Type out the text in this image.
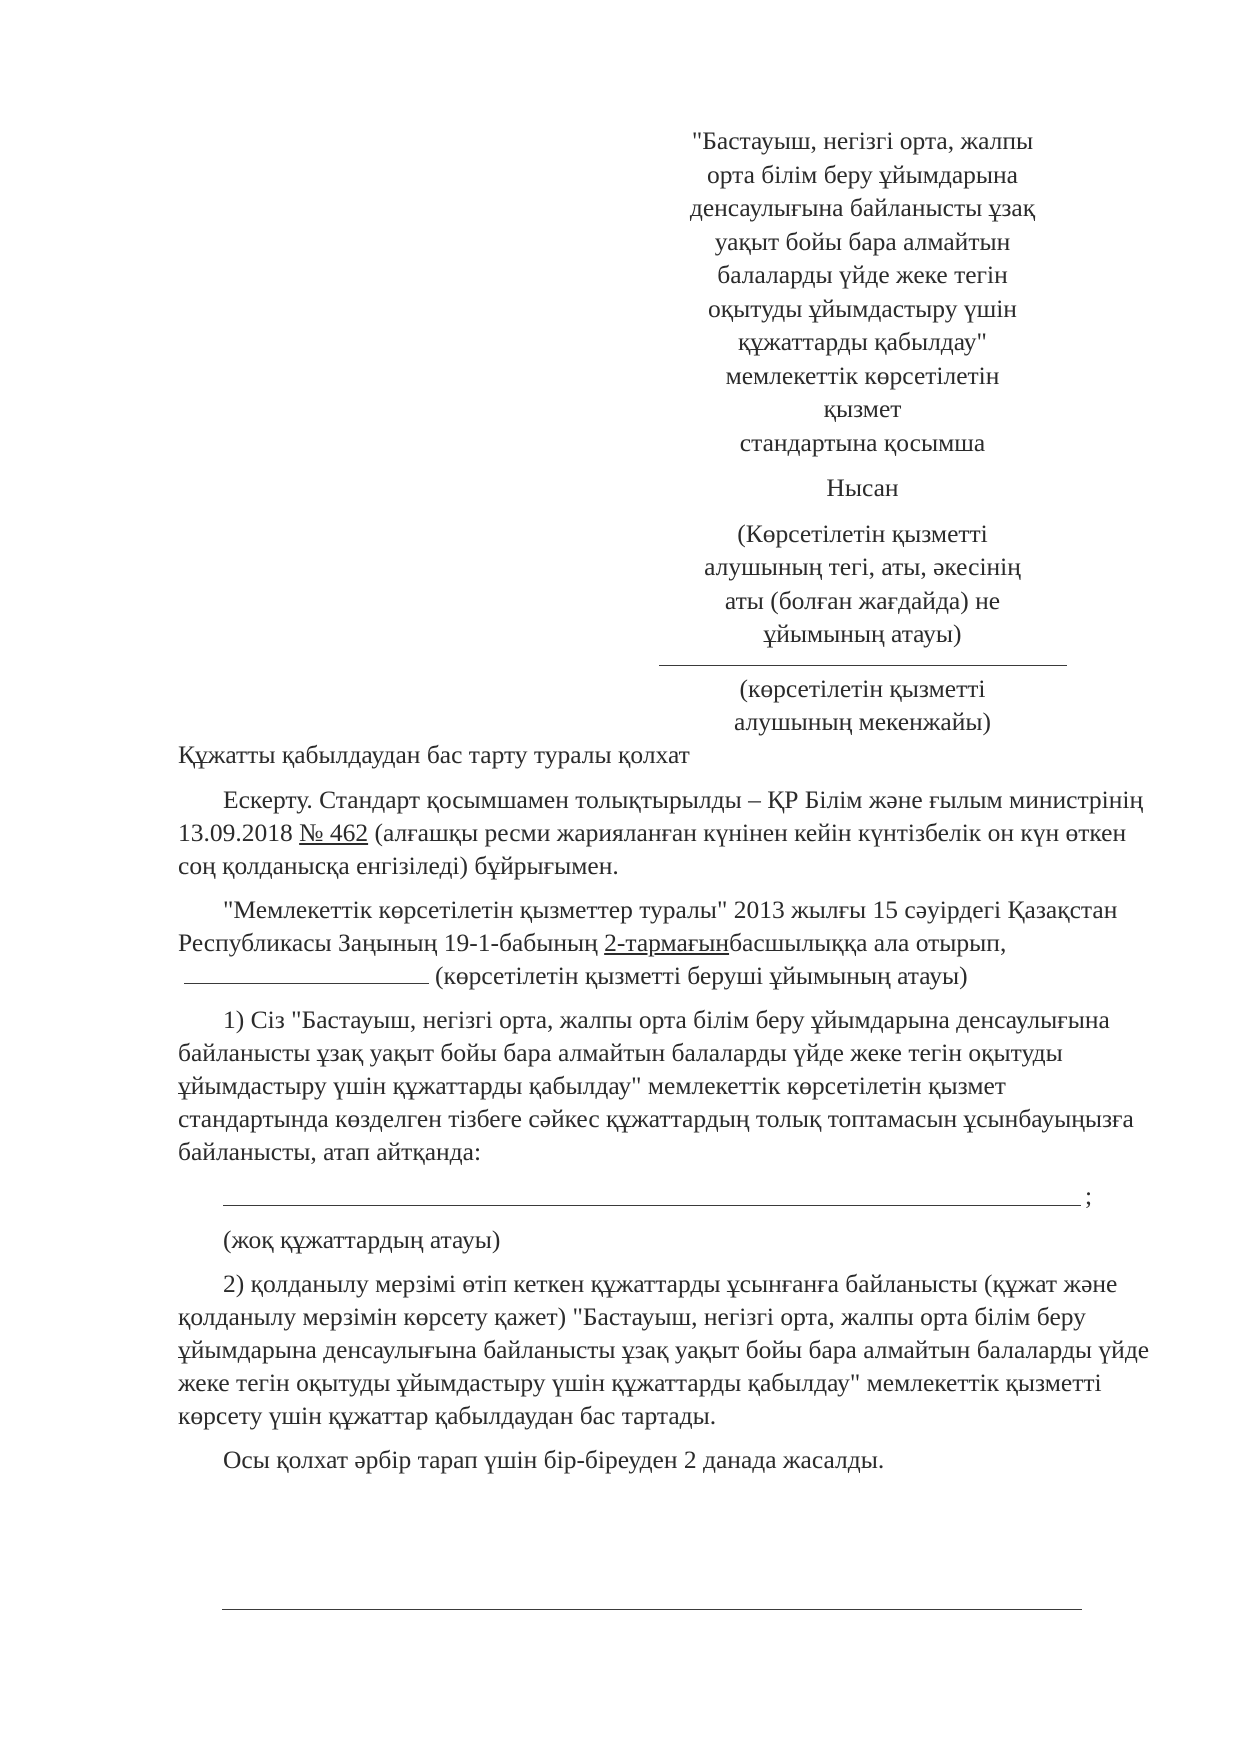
"Бастауыш, негізгі орта, жалпы
орта білім беру ұйымдарына
денсаулығына байланысты ұзақ
уақыт бойы бара алмайтын
балаларды үйде жеке тегін
оқытуды ұйымдастыру үшін
құжаттарды қабылдау"
мемлекеттік көрсетілетін
қызмет
стандартына қосымша
Нысан
(Көрсетілетін қызметті
алушының тегі, аты, әкесінің
аты (болған жағдайда) не
ұйымының атауы)
(көрсетілетін қызметті
алушының мекенжайы)

Құжатты қабылдаудан бас тарту туралы қолхат

Ескерту. Стандарт қосымшамен толықтырылды – ҚР Білім және ғылым министрінің 13.09.2018 № 462 (алғашқы ресми жарияланған күнінен кейін күнтізбелік он күн өткен соң қолданысқа енгізіледі) бұйрығымен.

"Мемлекеттік көрсетілетін қызметтер туралы" 2013 жылғы 15 сәуірдегі Қазақстан Республикасы Заңының 19-1-бабының 2-тармағынбасшылыққа ала отырып,(көрсетілетін қызметті беруші ұйымының атауы)

1) Сіз "Бастауыш, негізгі орта, жалпы орта білім беру ұйымдарына денсаулығына байланысты ұзақ уақыт бойы бара алмайтын балаларды үйде жеке тегін оқытуды ұйымдастыру үшін құжаттарды қабылдау" мемлекеттік көрсетілетін қызмет стандартында көзделген тізбеге сәйкес құжаттардың толық топтамасын ұсынбауыңызға байланысты, атап айтқанда:

;

(жоқ құжаттардың атауы)

2) қолданылу мерзімі өтіп кеткен құжаттарды ұсынғанға байланысты (құжат және қолданылу мерзімін көрсету қажет) "Бастауыш, негізгі орта, жалпы орта білім беру ұйымдарына денсаулығына байланысты ұзақ уақыт бойы бара алмайтын балаларды үйде жеке тегін оқытуды ұйымдастыру үшін құжаттарды қабылдау" мемлекеттік қызметті көрсету үшін құжаттар қабылдаудан бас тартады.

Осы қолхат әрбір тарап үшін бір-біреуден 2 данада жасалды.
